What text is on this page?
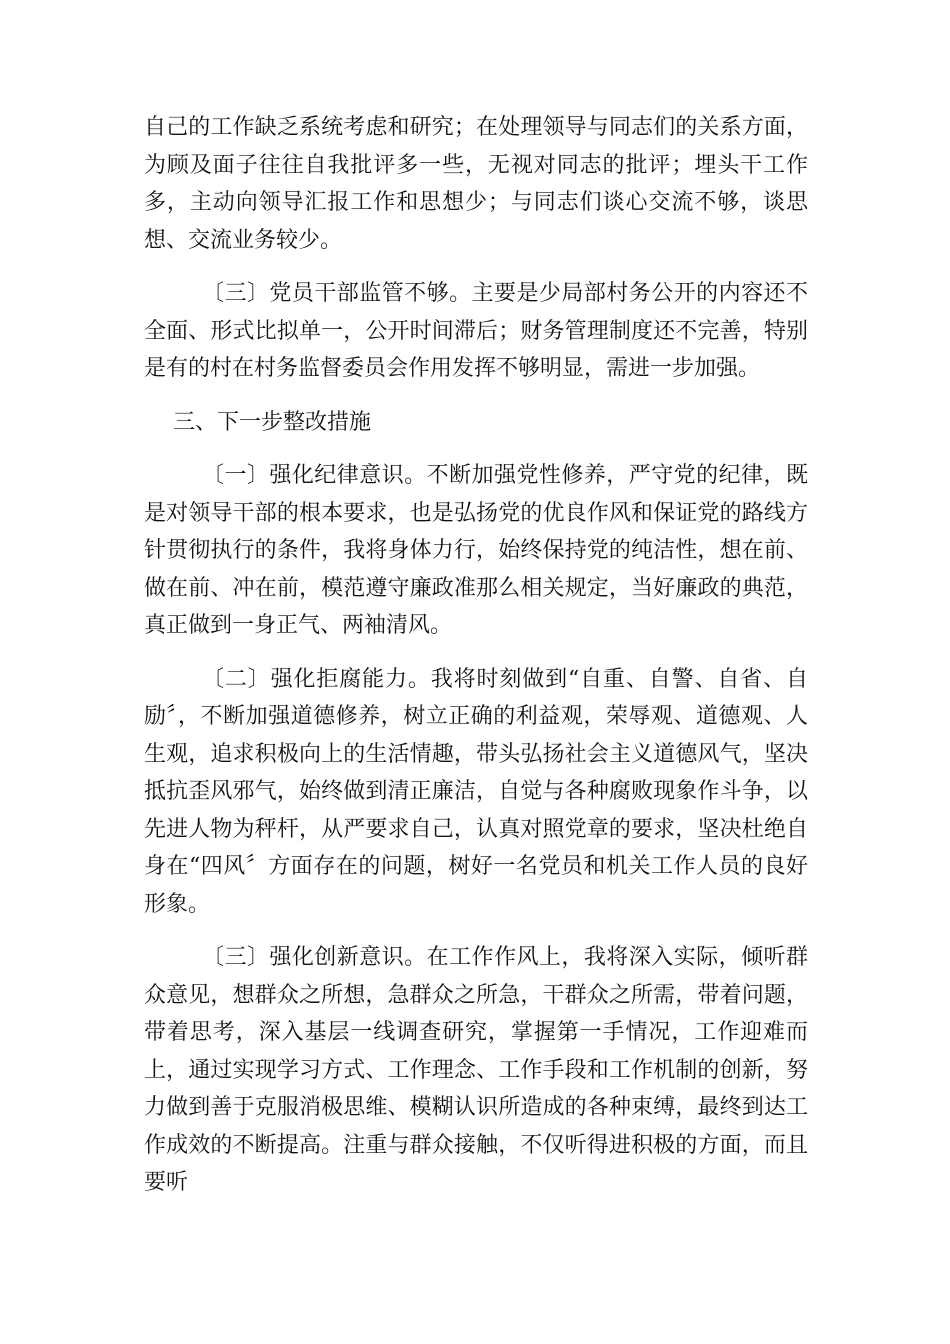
自己的工作缺乏系统考虑和研究；在处理领导与同志们的关系方面，为顾及面子往往自我批评多一些，无视对同志的批评；埋头干工作多，主动向领导汇报工作和思想少；与同志们谈心交流不够，谈思想、交流业务较少。

〔三〕党员干部监管不够。主要是少局部村务公开的内容还不全面、形式比拟单一，公开时间滞后；财务管理制度还不完善，特别是有的村在村务监督委员会作用发挥不够明显，需进一步加强。

三、下一步整改措施

〔一〕强化纪律意识。不断加强党性修养，严守党的纪律，既是对领导干部的根本要求，也是弘扬党的优良作风和保证党的路线方针贯彻执行的条件，我将身体力行，始终保持党的纯洁性，想在前、做在前、冲在前，模范遵守廉政准那么相关规定，当好廉政的典范，真正做到一身正气、两袖清风。

〔二〕强化拒腐能力。我将时刻做到“自重、自警、自省、自励〞，不断加强道德修养，树立正确的利益观，荣辱观、道德观、人生观，追求积极向上的生活情趣，带头弘扬社会主义道德风气，坚决抵抗歪风邪气，始终做到清正廉洁，自觉与各种腐败现象作斗争，以先进人物为秤杆，从严要求自己，认真对照党章的要求，坚决杜绝自身在“四风〞方面存在的问题，树好一名党员和机关工作人员的良好形象。

〔三〕强化创新意识。在工作作风上，我将深入实际，倾听群众意见，想群众之所想，急群众之所急，干群众之所需，带着问题，带着思考，深入基层一线调查研究，掌握第一手情况，工作迎难而上，通过实现学习方式、工作理念、工作手段和工作机制的创新，努力做到善于克服消极思维、模糊认识所造成的各种束缚，最终到达工作成效的不断提高。注重与群众接触，不仅听得进积极的方面，而且要听
